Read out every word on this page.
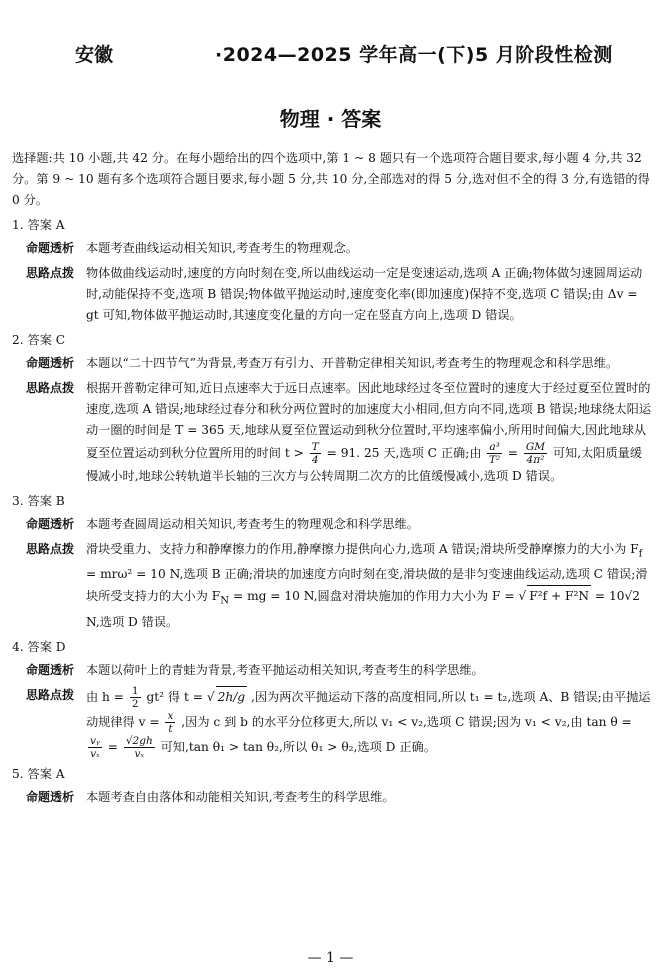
安徽	·2024—2025 学年高一(下)5 月阶段性检测
物理 · 答案

选择题:共 10 小题,共 42 分。在每小题给出的四个选项中,第 1 ~ 8 题只有一个选项符合题目要求,每小题 4 分,共 32 分。第 9 ~ 10 题有多个选项符合题目要求,每小题 5 分,共 10 分,全部选对的得 5 分,选对但不全的得 3 分,有选错的得 0 分。

1. 答案 A
命题透析 本题考查曲线运动相关知识,考查考生的物理观念。
思路点拨 物体做曲线运动时,速度的方向时刻在变,所以曲线运动一定是变速运动,选项 A 正确;物体做匀速圆周运动时,动能保持不变,选项 B 错误;物体做平抛运动时,速度变化率(即加速度)保持不变,选项 C 错误;由 Δv = gt 可知,物体做平抛运动时,其速度变化量的方向一定在竖直方向上,选项 D 错误。
2. 答案 C
命题透析 本题以“二十四节气”为背景,考查万有引力、开普勒定律相关知识,考查考生的物理观念和科学思维。
思路点拨 根据开普勒定律可知,近日点速率大于远日点速率。因此地球经过冬至位置时的速度大于经过夏至位置时的速度,选项 A 错误;地球经过春分和秋分两位置时的加速度大小相同,但方向不同,选项 B 错误;地球绕太阳运动一圈的时间是 T = 365 天,地球从夏至位置运动到秋分位置时,平均速率偏小,所用时间偏大,因此地球从夏至位置运动到秋分位置所用的时间 $t > \frac{T}{4} = 91$. 25 天,选项 C 正确;由 $\frac{\text{a³}}{\text{T²}} = \frac{GM}{\text{4π²}}$ 可知,太阳质量缓慢减小时,地球公转轨道半长轴的三次方与公转周期二次方的比值缓慢减小,选项 D 错误。
3. 答案 B
命题透析 本题考查圆周运动相关知识,考查考生的物理观念和科学思维。
思路点拨 滑块受重力、支持力和静摩擦力的作用,静摩擦力提供向心力,选项 A 错误;滑块所受静摩擦力的大小为 $F_f = mr\omega^2 = 10$ N,选项 B 正确;滑块的加速度方向时刻在变,滑块做的是非匀变速曲线运动,选项 C 错误;滑块所受支持力的大小为 $F_N$ = mg = 10 N,圆盘对滑块施加的作用力大小为 F = √ F²f + F²N = 10√2 N,选项 D 错误。
4. 答案 D
命题透析 本题以荷叶上的青蛙为背景,考查平抛运动相关知识,考查考生的科学思维。
思路点拨 由 $h = \frac{1}{2} gt^2$ 得 t = √ 2h/g ,因为两次平抛运动下落的高度相同,所以 t₁ = t₂,选项 A、B 错误;由平抛运动规律得 $v = \frac{x}{t}$ ,因为 c 到 b 的水平分位移更大,所以 v₁ < v₂,选项 C 错误;因为 v₁ < v₂,由 tan θ =
$\frac{\text{vᵧ}}{\text{vₓ}} = \frac{√2gh}{\text{vₓ}}$ 可知,tan θ₁ > tan θ₂,所以 θ₁ > θ₂,选项 D 正确。
5. 答案 A
命题透析 本题考查自由落体和动能相关知识,考查考生的科学思维。
— 1 —
